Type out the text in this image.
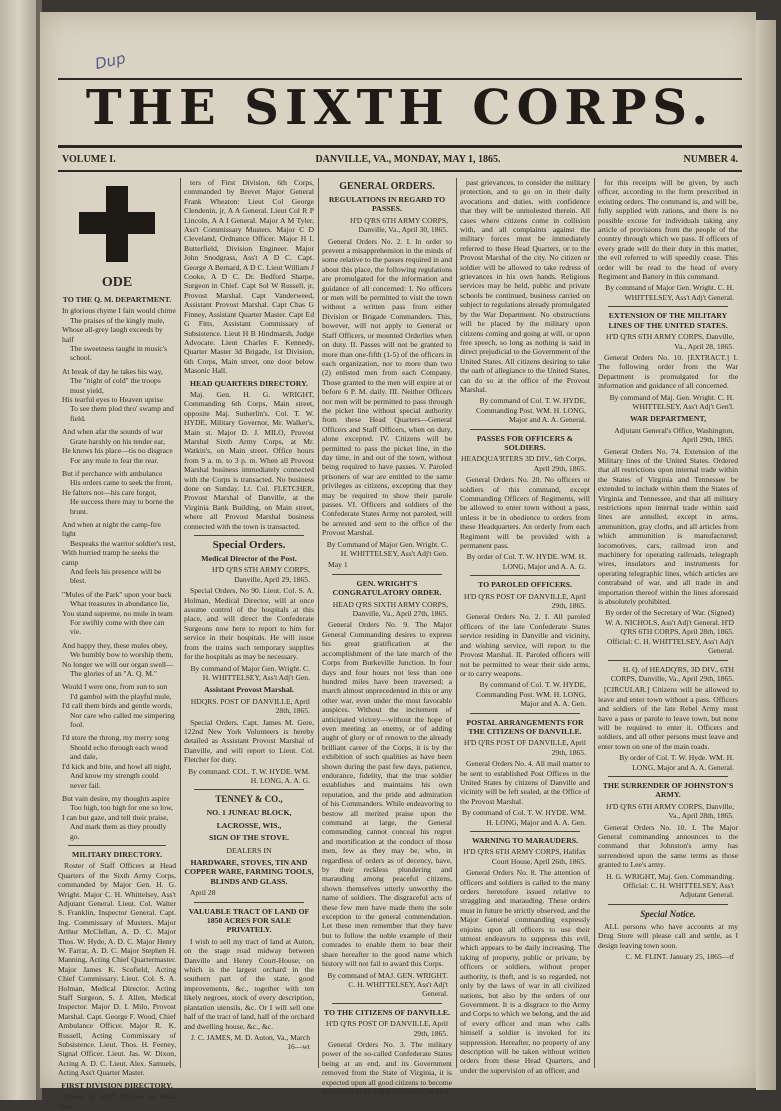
Dup
THE SIXTH CORPS.
VOLUME I.	DANVILLE, VA., MONDAY, MAY 1, 1865.	NUMBER 4.
ODE
TO THE Q. M. DEPARTMENT.
In glorious rhyme I fain would chime
The praises of the kingly mule,
Whose all-grey laugh exceeds by half
The sweetness taught in music's school.
At break of day he takes his way,
The "night of cold" the troops must yield,
His tearful eyes to Heaven uprise
To see them plod thro' swamp and field.
And when afar the sounds of war
Grate harshly on his tender ear,
He knows his place—tis no disgrace
For any mule to fear the rear.
But if perchance with ambulance
His orders came to seek the front,
He falters not—his care forgot,
He success there may to borne the brunt.
And when at night the camp-fire light
Bespeaks the warrior soldier's rest,
With hurried tramp he seeks the camp
And feels his presence will be blest.
"Mules of the Park" upon your back
What treasures in abundance lie,
You stand supreme, no mule in team
For swiftly come with thee can vie.
And happy they, these mules obey,
We humbly bow to worship them,
No longer we will our organ swell—
The glories of an "A. Q. M."
Would I were one, from sun to sun
I'd gambol with the playful mule,
I'd call them birds and gentle words,
Nor care who called me simpering fool.
I'd store the throng, my merry song
Should echo through each wood and dale,
I'd kick and bite, and howl all night,
And know my strength could never fail.
But vain desire, my thoughts aspire
Too high, too high for one so low,
I can but gaze, and tell their praise,
And mark them as they proudly go.
MILITARY DIRECTORY.

Roster of Staff Officers at Head Quarters of the Sixth Army Corps, commanded by Major Gen. H. G. Wright. Major C. H. Whittelsey, Ass't Adjutant General. Lieut. Col. Walter S. Franklin, Inspector General. Capt. Ing. Commissary of Musters. Major Arthur McClellan, A. D. C. Major Thos. W. Hyde, A. D. C. Major Henry W. Farrar, A. D. C. Major Stephen H. Manning, Acting Chief Quartermaster. Major James K. Scofield, Acting Chief Commissary. Lieut. Col. S. A. Holman, Medical Director. Acting Staff Surgeon, S. J. Allen, Medical Inspector. Major D. I. Milo, Provost Marshal. Capt. George F. Wood, Chief Ambulance Officer. Major R. K. Russell, Acting Commissary of Subsistence. Lieut. Thos. H. Feeney, Signal Officer. Lieut. Jas. W. Dixon, Acting A. D. C. Lieut. Alex. Samuels, Acting Ass't Quarter Master.

FIRST DIVISION DIRECTORY.

Roster of Staff Officers at Head Quar-

ters of First Division, 6th Corps, commanded by Brevet Major General Frank Wheaton: Lieut Col George Clendenin, jr, A A General. Lieut Col R P Lincoln, A A I General. Major A M Tyler, Ass't Commissary Musters. Major C D Cleveland, Ordnance Officer. Major H L Butterfield, Division Engineer. Major John Snodgrass, Ass't A D C. Capt. George A Bernard, A D C. Lieut William J Cooke, A D C. Dr. Bedford Sharpe, Surgeon in Chief. Capt Sol W Russell, jr, Provost Marshal. Capt Vanderweed, Assistant Provost Marshal. Capt Chas G Finney, Assistant Quarter Master. Capt Ed G Fitts, Assistant Commissary of Subsistence. Lieut H B Hindmarsh, Judge Advocate. Lieut Charles F. Kennedy, Quarter Master 3d Brigade, 1st Division, 6th Corps, Main street, one door below Masonic Hall.

HEAD QUARTERS DIRECTORY.

Maj. Gen. H. G. WRIGHT, Commanding 6th Corps, Main street, opposite Maj. Sutherlin's. Col. T. W. HYDE, Military Governor, Mr. Walker's, Main st. Major D. J. MILO, Provost Marshal Sixth Army Corps, at Mr. Watkin's, on Main street. Office hours from 9 a. m. to 3 p. m. When all Provost Marshal business immediately connected with the Corps is transacted. No business done on Sunday. Lt. Col. FLETCHER, Provost Marshal of Danville, at the Virginia Bank Building, on Main street, where all Provost Marshal business connected with the town is transacted.

Special Orders.
Medical Director of the Post.

H'D Q'RS 6TH ARMY CORPS, Danville, April 29, 1865.

Special Orders, No 90. Lieut. Col. S. A. Holman, Medical Director, will at once assume control of the hospitals at this place, and will direct the Confederate Surgeons now here to report to him for service in their hospitals. He will issue from the trains such temporary supplies for the hospitals as may be necessary.

By command of Major Gen. Wright. C. H. WHITTELSEY, Ass't Adj't Gen.

Assistant Provost Marshal.

HDQRS. POST OF DANVILLE, April 28th, 1865.

Special Orders. Capt. James M. Gere, 122nd New York Volunteers is hereby detailed as Assistant Provost Marshal of Danville, and will report to Lieut. Col. Fletcher for duty.

By command. COL. T. W. HYDE. WM. H. LONG, A. A. G.

TENNEY & CO.,
NO. 1 JUNEAU BLOCK,
LACROSSE, WIS.,
SIGN OF THE STOVE.
DEALERS IN
HARDWARE, STOVES, TIN AND COPPER WARE, FARMING TOOLS, BLINDS AND GLASS.

April 28

VALUABLE TRACT OF LAND OF 1850 ACRES FOR SALE PRIVATELY.

I wish to sell my tract of land at Auton, on the stage road midway between Danville and Henry Court-House; on which is the largest orchard in the southern part of the state, good improvements, &c., together with ten likely negroes, stock of every description, plantation utensils, &c. Or I will sell one half of the tract of land, half of the orchard and dwelling house, &c., &c.

J. C. JAMES, M. D. Auton, Va., March 16—wt

GENERAL ORDERS.
REGULATIONS IN REGARD TO PASSES.

H'D Q'RS 6TH ARMY CORPS, Danville, Va., April 30, 1865.

General Orders No. 2. I. In order to prevent a misapprehension in the minds of some relative to the passes required in and about this place, the following regulations are promulgated for the information and guidance of all concerned: I. No officers or men will be permitted to visit the town without a written pass from either Division or Brigade Commanders. This, however, will not apply to General or Staff Officers, or mounted Orderlies when on duty. II. Passes will not be granted to more than one-fifth (1-5) of the officers in each organization, nor to more than two (2) enlisted men from each Company. Those granted to the men will expire at or before 6 P. M. daily. III. Neither Officers nor men will be permitted to pass through the picket line without special authority from these Head Quarters—General Officers and Staff Officers, when on duty, alone excepted. IV. Citizens will be permitted to pass the picket line, in the day time, in and out of the town, without being required to have passes. V. Paroled prisoners of war are entitled to the same privileges as citizens, excepting that they may be required to show their parole passes. VI. Officers and soldiers of the Confederate States Army not paroled, will be arrested and sent to the office of the Provost Marshal.

By Command of Major Gen. Wright. C. H. WHITTELSEY, Ass't Adj't Gen.

May 1

GEN. WRIGHT'S CONGRATULATORY ORDER.

HEAD Q'RS SIXTH ARMY CORPS, Danville, Va., April 27th, 1865.

General Orders No. 9. The Major General Commanding desires to express his great gratification at the accomplishment of the late march of the Corps from Burkeville Junction. In four days and four hours not less than one hundred miles have been traversed; a march almost unprecedented in this or any other war, even under the most favorable auspices. Without the incitement of anticipated victory—without the hope of even meeting an enemy, or of adding aught of glory or of renown to the already brilliant career of the Corps, it is by the exhibition of such qualities as have been shown during the past few days, patience, endurance, fidelity, that the true soldier establishes and maintains his own reputation, and the pride and admiration of his Commanders. While endeavoring to bestow all merited praise upon the command at large, the General commanding cannot conceal his regret and mortification at the conduct of those men, few as they may be, who, in regardless of orders as of decency, have, by their reckless plundering and marauding among peaceful citizens, shown themselves utterly unworthy the name of soldiers. The disgraceful acts of these few men have made them the sole exception to the general commendation. Let these men remember that they have but to follow the noble example of their comrades to enable them to bear their share hereafter to the good name which history will not fail to award this Corps.

By command of MAJ. GEN. WRIGHT. C. H. WHITTELSEY, Ass't Adj't General.

TO THE CITIZENS OF DANVILLE.

H'D Q'RS POST OF DANVILLE, April 29th, 1865.

General Orders No. 3. The military power of the so-called Confederate States being at an end, and its Government removed from the State of Virginia, it is expected upon all good citizens to become reconciled to the old Government, to heal

past grievances, to consider the military protection, and to go on in their daily avocations and duties, with confidence that they will be unmolested therein. All cases where citizens come in collision with, and all complaints against the military forces must be immediately referred to these Head Quarters, or to the Provost Marshal of the city. No citizen or soldier will be allowed to take redress of grievances in his own hands. Religious services may be held, public and private schools be continued, business carried on subject to regulations already promulgated by the War Department. No obstructions will be placed by the military upon citizens coming and going at will, or upon free speech, so long as nothing is said in direct prejudicial to the Government of the United States. All citizens desiring to take the oath of allegiance to the United States, can do so at the office of the Provost Marshal.

By command of Col. T. W. HYDE, Commanding Post. WM. H. LONG, Major and A. A. General.

PASSES FOR OFFICERS & SOLDIERS.

HEADQUA'RTERS 3D DIV., 6th Corps, April 29th, 1865.

General Orders No. 20. No officers or soldiers of this command, except Commanding Officers of Regiments, will be allowed to enter town without a pass, unless it be in obedience to orders from these Headquarters. An orderly from each Regiment will be provided with a permanent pass.

By order of Col. T. W. HYDE. WM. H. LONG, Major and A. A. G.

TO PAROLED OFFICERS.

H'D Q'RS POST OF DANVILLE, April 29th, 1865.

General Orders No. 2. I. All paroled officers of the late Confederate States service residing in Danville and vicinity, and wishing service, will report to the Provost Marshal. II. Paroled officers will not be permitted to wear their side arms, or to carry weapons.

By command of Col. T. W. HYDE, Commanding Post. WM. H. LONG, Major and A. A. Gen.

POSTAL ARRANGEMENTS FOR THE CITIZENS OF DANVILLE.

H'D Q'RS POST OF DANVILLE, April 29th, 1865.

General Orders No. 4. All mail matter to be sent to established Post Offices in the United States by citizens of Danville and vicinity will be left sealed, at the Office of the Provost Marshal.

By command of Col. T. W. HYDE. WM. H. LONG, Major and A. A. Gen.

WARNING TO MARAUDERS.

H'D Q'RS 6TH ARMY CORPS, Halifax Court House, April 26th, 1865.

General Orders No. 8. The attention of officers and soldiers is called to the many orders heretofore issued relative to straggling and marauding. These orders must in future be strictly observed, and the Major General commanding expressly enjoins upon all officers to use their utmost endeavors to suppress this evil, which appears to be daily increasing. The taking of property, public or private, by officers or soldiers, without proper authority, is theft, and is so regarded, not only by the laws of war in all civilized nations, but also by the orders of our Government. It is a disgrace to the Army and Corps to which we belong, and the aid of every officer and man who calls himself a soldier is invoked for its suppression. Hereafter, no property of any description will be taken without written orders from these Head Quarters, and under the supervision of an officer, and

for this receipts will be given, by such officer, according to the form prescribed in existing orders. The command is, and will be, fully supplied with rations, and there is no possible excuse for individuals taking any article of provisions from the people of the country through which we pass. If officers of every grade will do their duty in this matter, the evil referred to will speedily cease. This order will be read to the head of every Regiment and Battery in this command.

By command of Major Gen. Wright. C. H. WHITTELSEY, Ass't Adj't General.

EXTENSION OF THE MILITARY LINES OF THE UNITED STATES.

H'D Q'RS 6TH ARMY CORPS, Danville, Va., April 28, 1865.

General Orders No. 10. [EXTRACT.] I. The following order from the War Department is promulgated for the information and guidance of all concerned.

By command of Maj. Gen. Wright. C. H. WHITTELSEY, Ass't Adj't Gen'l.

WAR DEPARTMENT,

Adjutant General's Office, Washington, April 29th, 1865.

General Orders No. 74. Extension of the Military lines of the United States. Ordered that all restrictions upon internal trade within the States of Virginia and Tennessee be extended to include within them the States of Virginia and Tennessee, and that all military restrictions upon internal trade within said lines are annulled, except in arms, ammunition, gray cloths, and all articles from which ammunition is manufactured; locomotives, cars, railroad iron and machinery for operating railroads, telegraph wires, insulators and instruments for operating telegraphic lines, which articles are contraband of war, and all trade in and importation thereof within the lines aforesaid is absolutely prohibited.

By order of the Secretary of War. (Signed) W. A. NICHOLS, Ass't Adj't General. H'D Q'RS 6TH CORPS, April 28th, 1865. Official: C. H. WHITTELSEY, Ass't Adj't General.

H. Q. of HEADQ'RS, 3D DIV., 6TH CORPS, Danville, Va., April 29th, 1865.

[CIRCULAR.] Citizens will be allowed to leave and enter town without a pass. Officers and soldiers of the late Rebel Army must have a pass or parole to leave town, but none will be required to enter it. Officers and soldiers, and all other persons must leave and enter town on one of the main roads.

By order of Col. T. W. Hyde. WM. H. LONG, Major and A. A. General.

THE SURRENDER OF JOHNSTON'S ARMY.

H'D Q'RS 6TH ARMY CORPS, Danville, Va., April 28th, 1865.

General Orders No. 10. I. The Major General commanding announces to the command that Johnston's army has surrendered upon the same terms as those granted to Lee's army.

H. G. WRIGHT, Maj. Gen. Commanding. Official: C. H. WHITTELSEY, Ass't Adjutant General.

Special Notice.

ALL persons who have accounts at my Drug Store will please call and settle, as I design leaving town soon.

C. M. FLINT. January 25, 1865—tf
